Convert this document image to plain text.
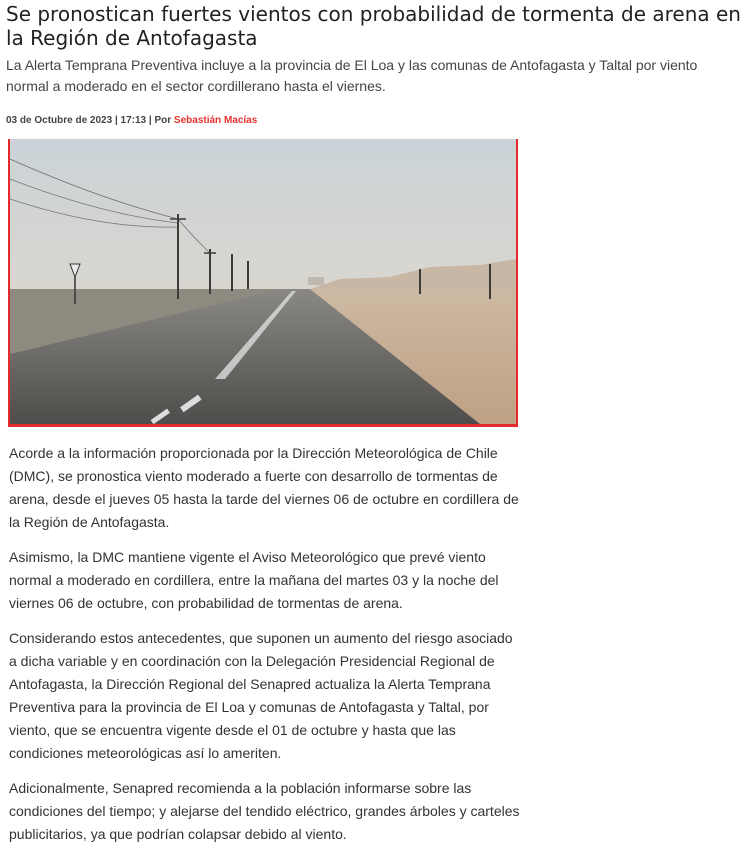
Se pronostican fuertes vientos con probabilidad de tormenta de arena en la Región de Antofagasta

La Alerta Temprana Preventiva incluye a la provincia de El Loa y las comunas de Antofagasta y Taltal por viento normal a moderado en el sector cordillerano hasta el viernes.

03 de Octubre de 2023 | 17:13 | Por Sebastián Macías

Acorde a la información proporcionada por la Dirección Meteorológica de Chile (DMC), se pronostica viento moderado a fuerte con desarrollo de tormentas de arena, desde el jueves 05 hasta la tarde del viernes 06 de octubre en cordillera de la Región de Antofagasta.

Asimismo, la DMC mantiene vigente el Aviso Meteorológico que prevé viento normal a moderado en cordillera, entre la mañana del martes 03 y la noche del viernes 06 de octubre, con probabilidad de tormentas de arena.

Considerando estos antecedentes, que suponen un aumento del riesgo asociado a dicha variable y en coordinación con la Delegación Presidencial Regional de Antofagasta, la Dirección Regional del Senapred actualiza la Alerta Temprana Preventiva para la provincia de El Loa y comunas de Antofagasta y Taltal, por viento, que se encuentra vigente desde el 01 de octubre y hasta que las condiciones meteorológicas así lo ameriten.

Adicionalmente, Senapred recomienda a la población informarse sobre las condiciones del tiempo; y alejarse del tendido eléctrico, grandes árboles y carteles publicitarios, ya que podrían colapsar debido al viento.
